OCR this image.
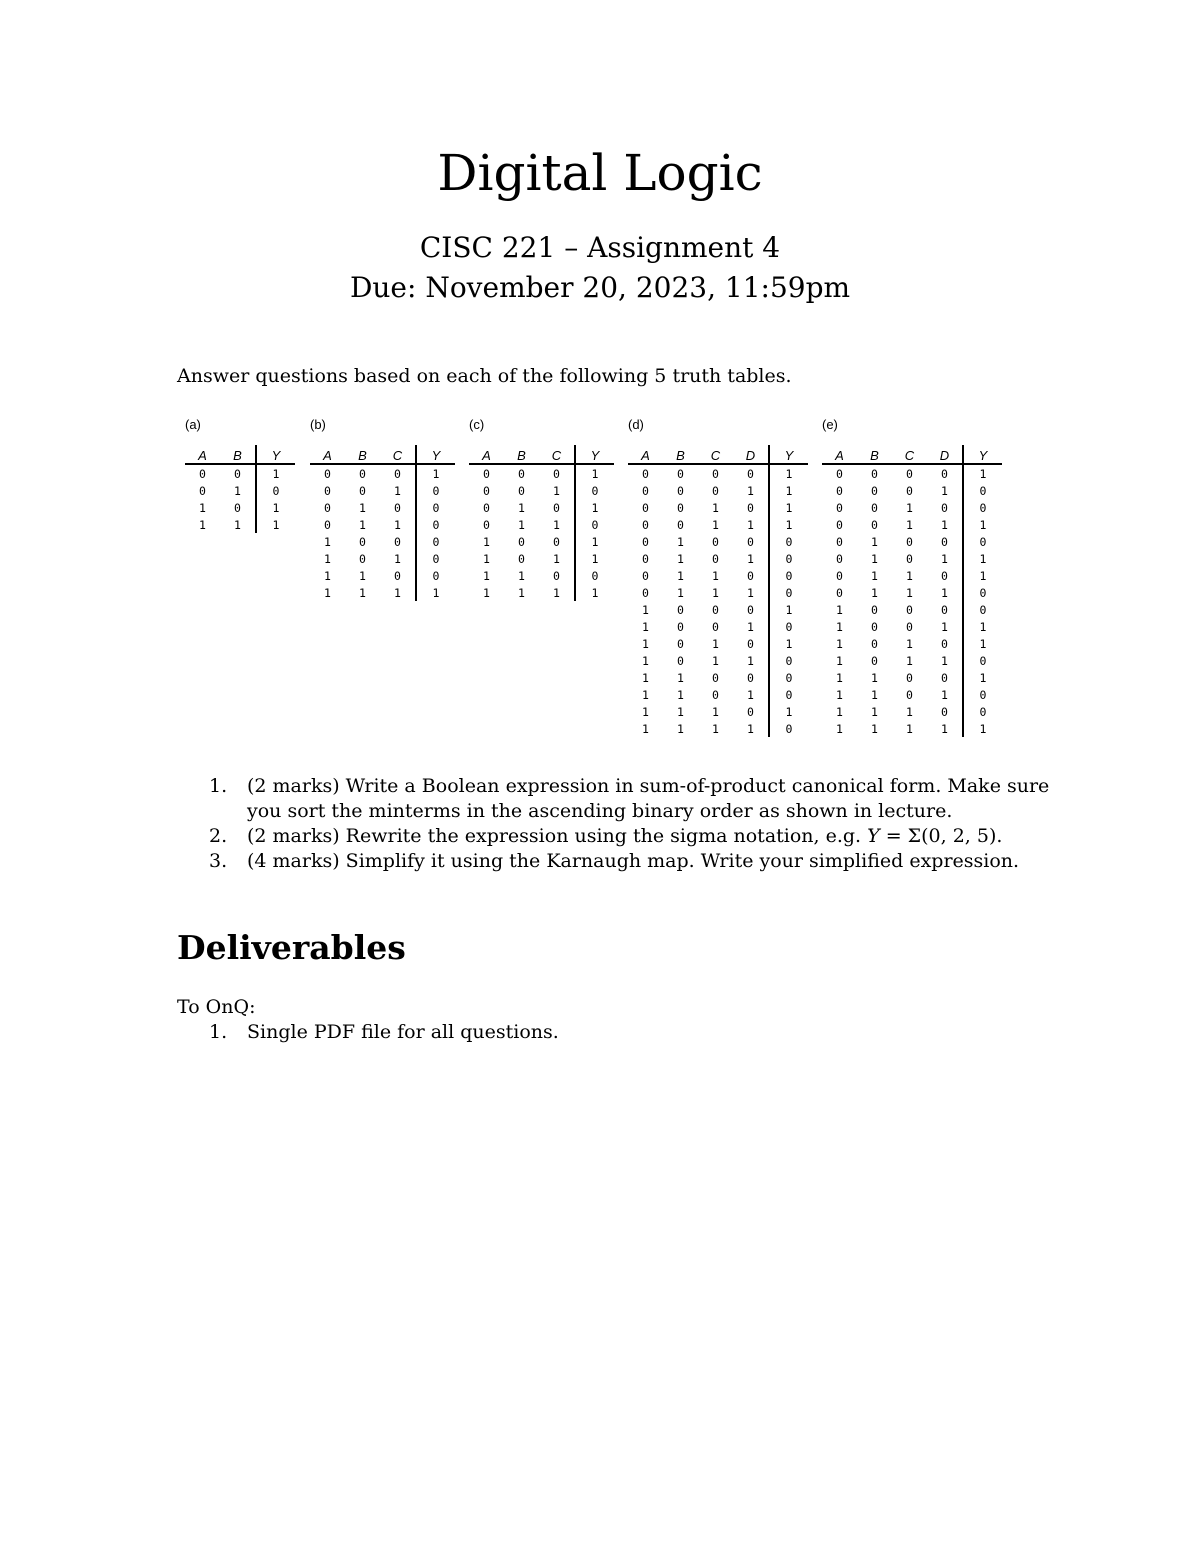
Digital Logic
CISC 221 – Assignment 4
Due: November 20, 2023, 11:59pm
Answer questions based on each of the following 5 truth tables.
(a)
A	B	Y
0	0	1
0	1	0
1	0	1
1	1	1
(b)
A	B	C	Y
0	0	0	1
0	0	1	0
0	1	0	0
0	1	1	0
1	0	0	0
1	0	1	0
1	1	0	0
1	1	1	1
(c)
A	B	C	Y
0	0	0	1
0	0	1	0
0	1	0	1
0	1	1	0
1	0	0	1
1	0	1	1
1	1	0	0
1	1	1	1
(d)
A	B	C	D	Y
0	0	0	0	1
0	0	0	1	1
0	0	1	0	1
0	0	1	1	1
0	1	0	0	0
0	1	0	1	0
0	1	1	0	0
0	1	1	1	0
1	0	0	0	1
1	0	0	1	0
1	0	1	0	1
1	0	1	1	0
1	1	0	0	0
1	1	0	1	0
1	1	1	0	1
1	1	1	1	0
(e)
A	B	C	D	Y
0	0	0	0	1
0	0	0	1	0
0	0	1	0	0
0	0	1	1	1
0	1	0	0	0
0	1	0	1	1
0	1	1	0	1
0	1	1	1	0
1	0	0	0	0
1	0	0	1	1
1	0	1	0	1
1	0	1	1	0
1	1	0	0	1
1	1	0	1	0
1	1	1	0	0
1	1	1	1	1
1. (2 marks) Write a Boolean expression in sum-of-product canonical form. Make sure you sort the minterms in the ascending binary order as shown in lecture.
2. (2 marks) Rewrite the expression using the sigma notation, e.g. Y = Σ(0, 2, 5).
3. (4 marks) Simplify it using the Karnaugh map. Write your simplified expression.
Deliverables
To OnQ:
1. Single PDF file for all questions.
